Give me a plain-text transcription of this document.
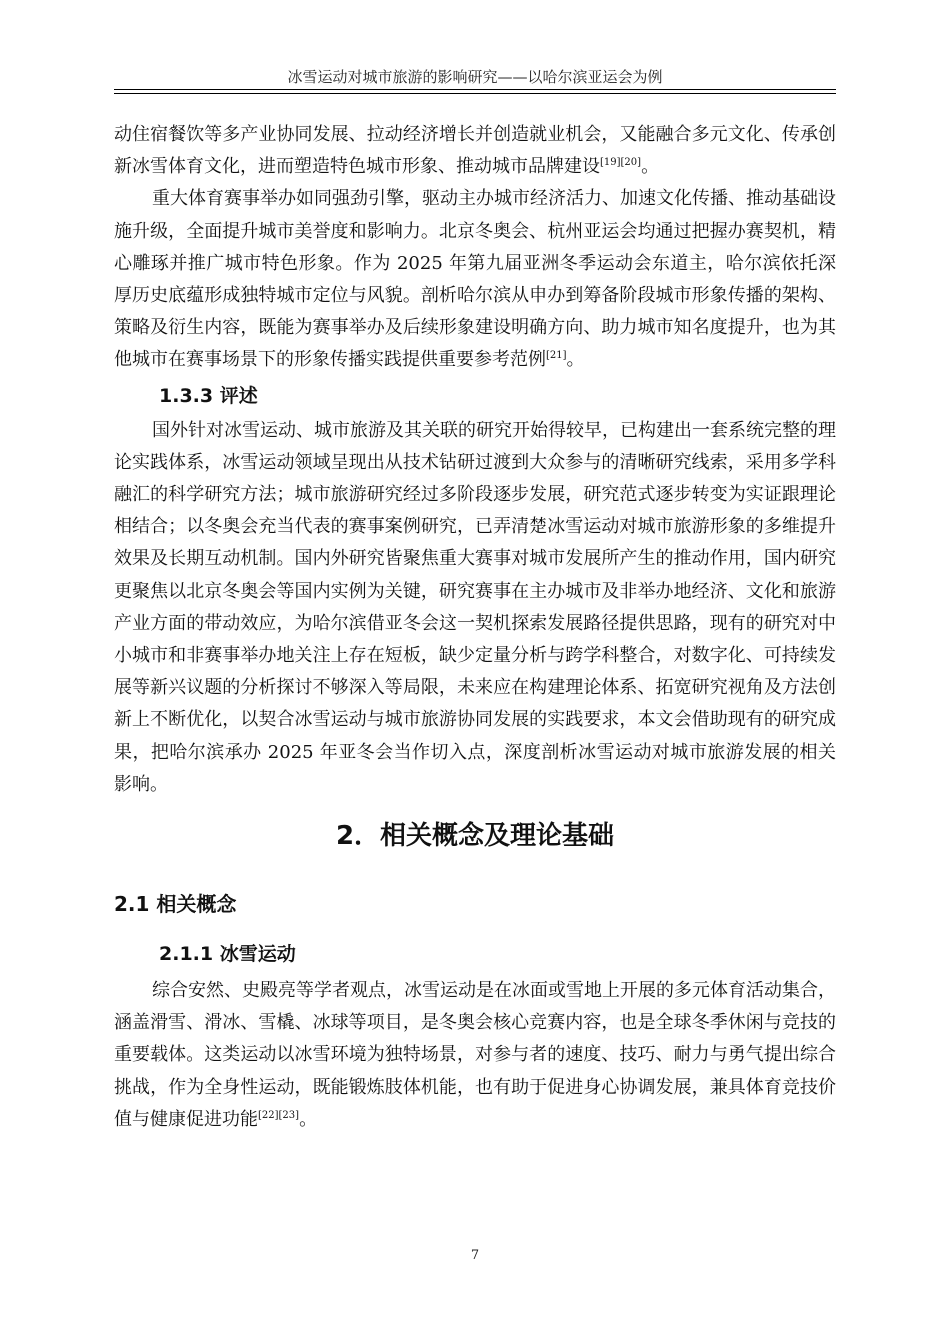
冰雪运动对城市旅游的影响研究——以哈尔滨亚运会为例

动住宿餐饮等多产业协同发展、拉动经济增长并创造就业机会，又能融合多元文化、传承创新冰雪体育文化，进而塑造特色城市形象、推动城市品牌建设[19][20]。

重大体育赛事举办如同强劲引擎，驱动主办城市经济活力、加速文化传播、推动基础设施升级，全面提升城市美誉度和影响力。北京冬奥会、杭州亚运会均通过把握办赛契机，精心雕琢并推广城市特色形象。作为 2025 年第九届亚洲冬季运动会东道主，哈尔滨依托深厚历史底蕴形成独特城市定位与风貌。剖析哈尔滨从申办到筹备阶段城市形象传播的架构、策略及衍生内容，既能为赛事举办及后续形象建设明确方向、助力城市知名度提升，也为其他城市在赛事场景下的形象传播实践提供重要参考范例[21]。

1.3.3 评述

国外针对冰雪运动、城市旅游及其关联的研究开始得较早，已构建出一套系统完整的理论实践体系，冰雪运动领域呈现出从技术钻研过渡到大众参与的清晰研究线索，采用多学科融汇的科学研究方法；城市旅游研究经过多阶段逐步发展，研究范式逐步转变为实证跟理论相结合；以冬奥会充当代表的赛事案例研究，已弄清楚冰雪运动对城市旅游形象的多维提升效果及长期互动机制。国内外研究皆聚焦重大赛事对城市发展所产生的推动作用，国内研究更聚焦以北京冬奥会等国内实例为关键，研究赛事在主办城市及非举办地经济、文化和旅游产业方面的带动效应，为哈尔滨借亚冬会这一契机探索发展路径提供思路，现有的研究对中小城市和非赛事举办地关注上存在短板，缺少定量分析与跨学科整合，对数字化、可持续发展等新兴议题的分析探讨不够深入等局限，未来应在构建理论体系、拓宽研究视角及方法创新上不断优化，以契合冰雪运动与城市旅游协同发展的实践要求，本文会借助现有的研究成果，把哈尔滨承办 2025 年亚冬会当作切入点，深度剖析冰雪运动对城市旅游发展的相关影响。

2．相关概念及理论基础
2.1 相关概念
2.1.1 冰雪运动

综合安然、史殿亮等学者观点，冰雪运动是在冰面或雪地上开展的多元体育活动集合，涵盖滑雪、滑冰、雪橇、冰球等项目，是冬奥会核心竞赛内容，也是全球冬季休闲与竞技的重要载体。这类运动以冰雪环境为独特场景，对参与者的速度、技巧、耐力与勇气提出综合挑战，作为全身性运动，既能锻炼肢体机能，也有助于促进身心协调发展，兼具体育竞技价值与健康促进功能[22][23]。

7
